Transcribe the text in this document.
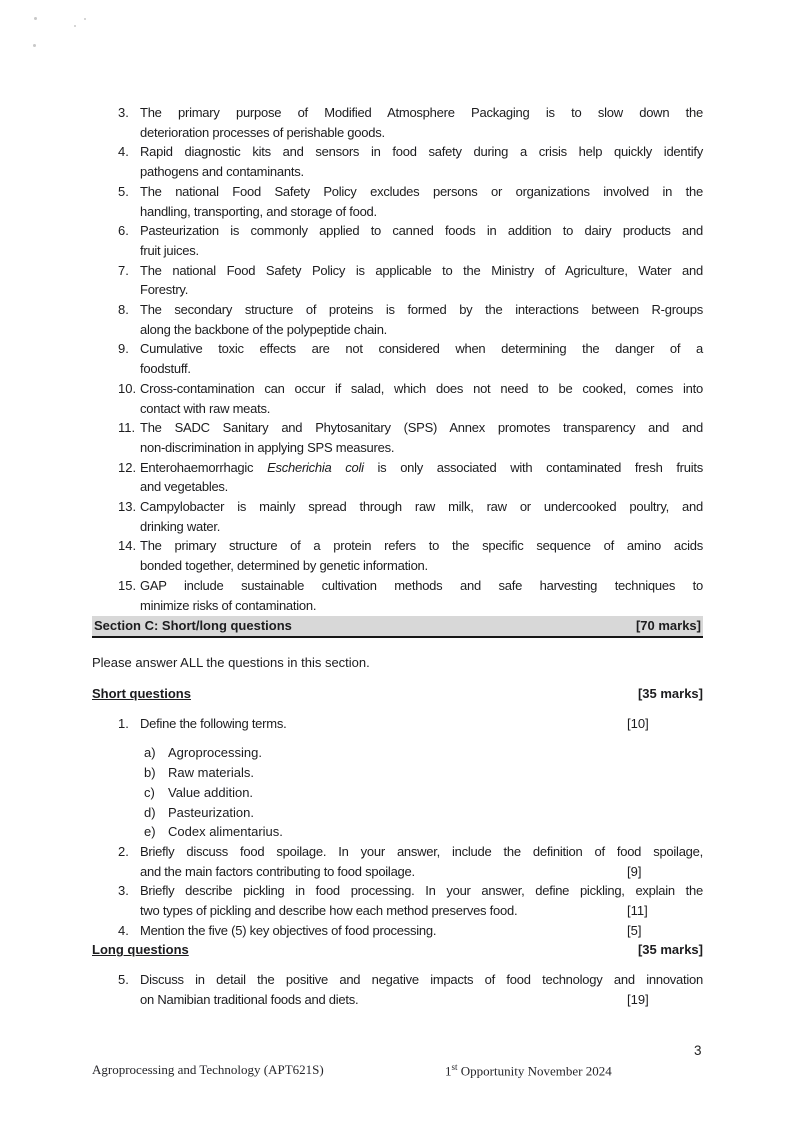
3. The primary purpose of Modified Atmosphere Packaging is to slow down the
deterioration processes of perishable goods.
4. Rapid diagnostic kits and sensors in food safety during a crisis help quickly identify
pathogens and contaminants.
5. The national Food Safety Policy excludes persons or organizations involved in the
handling, transporting, and storage of food.
6. Pasteurization is commonly applied to canned foods in addition to dairy products and
fruit juices.
7. The national Food Safety Policy is applicable to the Ministry of Agriculture, Water and
Forestry.
8. The secondary structure of proteins is formed by the interactions between R-groups
along the backbone of the polypeptide chain.
9. Cumulative toxic effects are not considered when determining the danger of a
foodstuff.
10. Cross-contamination can occur if salad, which does not need to be cooked, comes into
contact with raw meats.
11. The SADC Sanitary and Phytosanitary (SPS) Annex promotes transparency and and
non-discrimination in applying SPS measures.
12. Enterohaemorrhagic Escherichia coli is only associated with contaminated fresh fruits
and vegetables.
13. Campylobacter is mainly spread through raw milk, raw or undercooked poultry, and
drinking water.
14. The primary structure of a protein refers to the specific sequence of amino acids
bonded together, determined by genetic information.
15. GAP include sustainable cultivation methods and safe harvesting techniques to
minimize risks of contamination.
Section C: Short/long questions	[70 marks]
Please answer ALL the questions in this section.
Short questions	[35 marks]
1. Define the following terms.	[10]
a) Agroprocessing.
b) Raw materials.
c)	Value addition.
d) Pasteurization.
e) Codex alimentarius.
2. Briefly discuss food spoilage. In your answer, include the definition of food spoilage,
and the main factors contributing to food spoilage.	[9]
3. Briefly describe pickling in food processing. In your answer, define pickling, explain the
two types of pickling and describe how each method preserves food.	[11]
4. Mention the five (5) key objectives of food processing.	[5]
Long questions	[35 marks]
5. Discuss in detail the positive and negative impacts of food technology and innovation
on Namibian traditional foods and diets.	[19]
3
Agroprocessing and Technology (APT621S)	1st Opportunity November 2024
